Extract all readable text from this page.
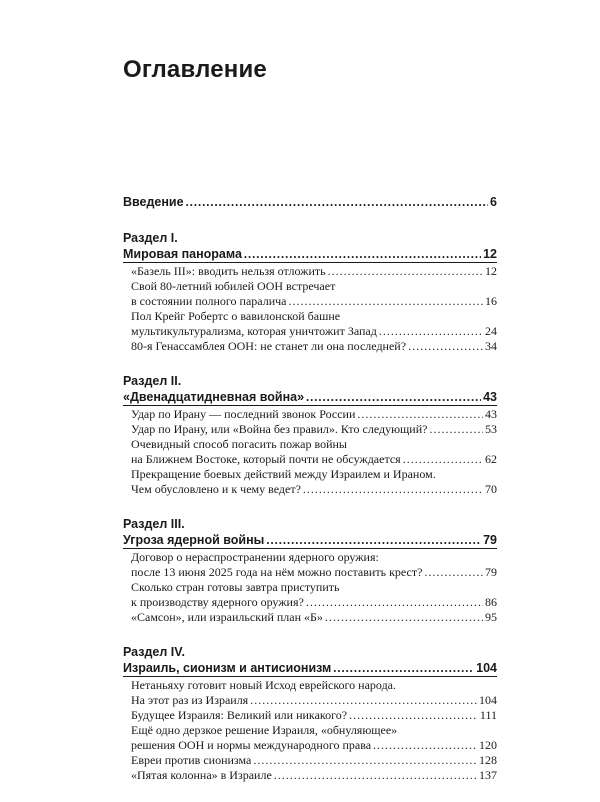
Оглавление
Введение .....	6
Раздел I.
Мировая панорама .....	12
«Базель III»: вводить нельзя отложить .....	12
Свой 80-летний юбилей ООН встречает
в состоянии полного паралича .....	16
Пол Крейг Робертс о вавилонской башне
мультикультурализма, которая уничтожит Запад .....	24
80-я Генассамблея ООН: не станет ли она последней? .....	34
Раздел II.
«Двенадцатидневная война» .....	43
Удар по Ирану — последний звонок России .....	43
Удар по Ирану, или «Война без правил». Кто следующий? .....	53
Очевидный способ погасить пожар войны
на Ближнем Востоке, который почти не обсуждается .....	62
Прекращение боевых действий между Израилем и Ираном.
Чем обусловлено и к чему ведет? .....	70
Раздел III.
Угроза ядерной войны .....	79
Договор о нераспространении ядерного оружия:
после 13 июня 2025 года на нём можно поставить крест? .....	79
Сколько стран готовы завтра приступить
к производству ядерного оружия? .....	86
«Самсон», или израильский план «Б» .....	95
Раздел IV.
Израиль, сионизм и антисионизм .....	104
Нетаньяху готовит новый Исход еврейского народа.
На этот раз из Израиля .....	104
Будущее Израиля: Великий или никакого? .....	111
Ещё одно дерзкое решение Израиля, «обнуляющее»
решения ООН и нормы международного права .....	120
Евреи против сионизма .....	128
«Пятая колонна» в Израиле .....	137
